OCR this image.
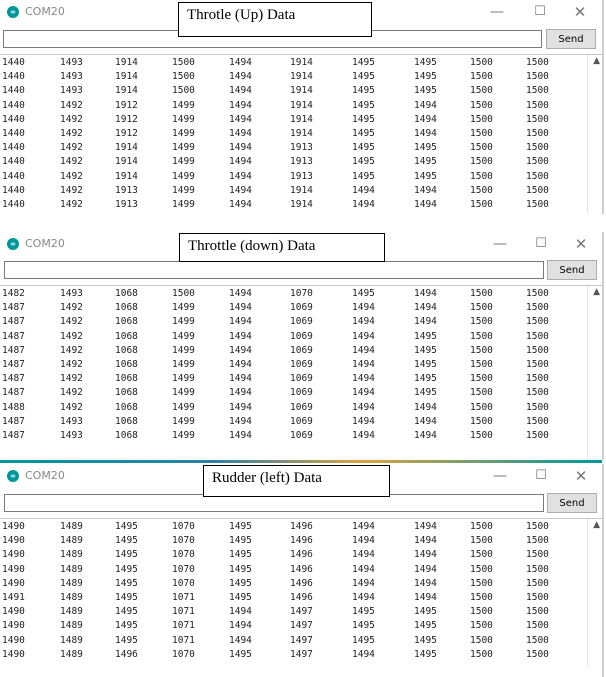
∞ COM20	—	☐	✕
Send
1440	1493	1914	1500	1494	1914	1495	1495	1500	1500
1440	1493	1914	1500	1494	1914	1495	1495	1500	1500
1440	1493	1914	1500	1494	1914	1495	1495	1500	1500
1440	1492	1912	1499	1494	1914	1495	1494	1500	1500
1440	1492	1912	1499	1494	1914	1495	1494	1500	1500
1440	1492	1912	1499	1494	1914	1495	1494	1500	1500
1440	1492	1914	1499	1494	1913	1495	1495	1500	1500
1440	1492	1914	1499	1494	1913	1495	1495	1500	1500
1440	1492	1914	1499	1494	1913	1495	1495	1500	1500
1440	1492	1913	1499	1494	1914	1494	1494	1500	1500
1440	1492	1913	1499	1494	1914	1494	1494	1500	1500
▲
Throtle (Up) Data
∞ COM20	—	☐	✕
Send
1482	1493	1068	1500	1494	1070	1495	1494	1500	1500
1487	1492	1068	1499	1494	1069	1494	1494	1500	1500
1487	1492	1068	1499	1494	1069	1494	1494	1500	1500
1487	1492	1068	1499	1494	1069	1494	1495	1500	1500
1487	1492	1068	1499	1494	1069	1494	1495	1500	1500
1487	1492	1068	1499	1494	1069	1494	1495	1500	1500
1487	1492	1068	1499	1494	1069	1494	1495	1500	1500
1487	1492	1068	1499	1494	1069	1494	1495	1500	1500
1488	1492	1068	1499	1494	1069	1494	1494	1500	1500
1487	1493	1068	1499	1494	1069	1494	1494	1500	1500
1487	1493	1068	1499	1494	1069	1494	1494	1500	1500
▲
Throttle (down) Data
∞ COM20	—	☐	✕
Send
1490	1489	1495	1070	1495	1496	1494	1494	1500	1500
1490	1489	1495	1070	1495	1496	1494	1494	1500	1500
1490	1489	1495	1070	1495	1496	1494	1494	1500	1500
1490	1489	1495	1070	1495	1496	1494	1494	1500	1500
1490	1489	1495	1070	1495	1496	1494	1494	1500	1500
1491	1489	1495	1071	1495	1496	1494	1494	1500	1500
1490	1489	1495	1071	1494	1497	1495	1495	1500	1500
1490	1489	1495	1071	1494	1497	1495	1495	1500	1500
1490	1489	1495	1071	1494	1497	1495	1495	1500	1500
1490	1489	1496	1070	1495	1497	1494	1495	1500	1500
▲
Rudder (left) Data
